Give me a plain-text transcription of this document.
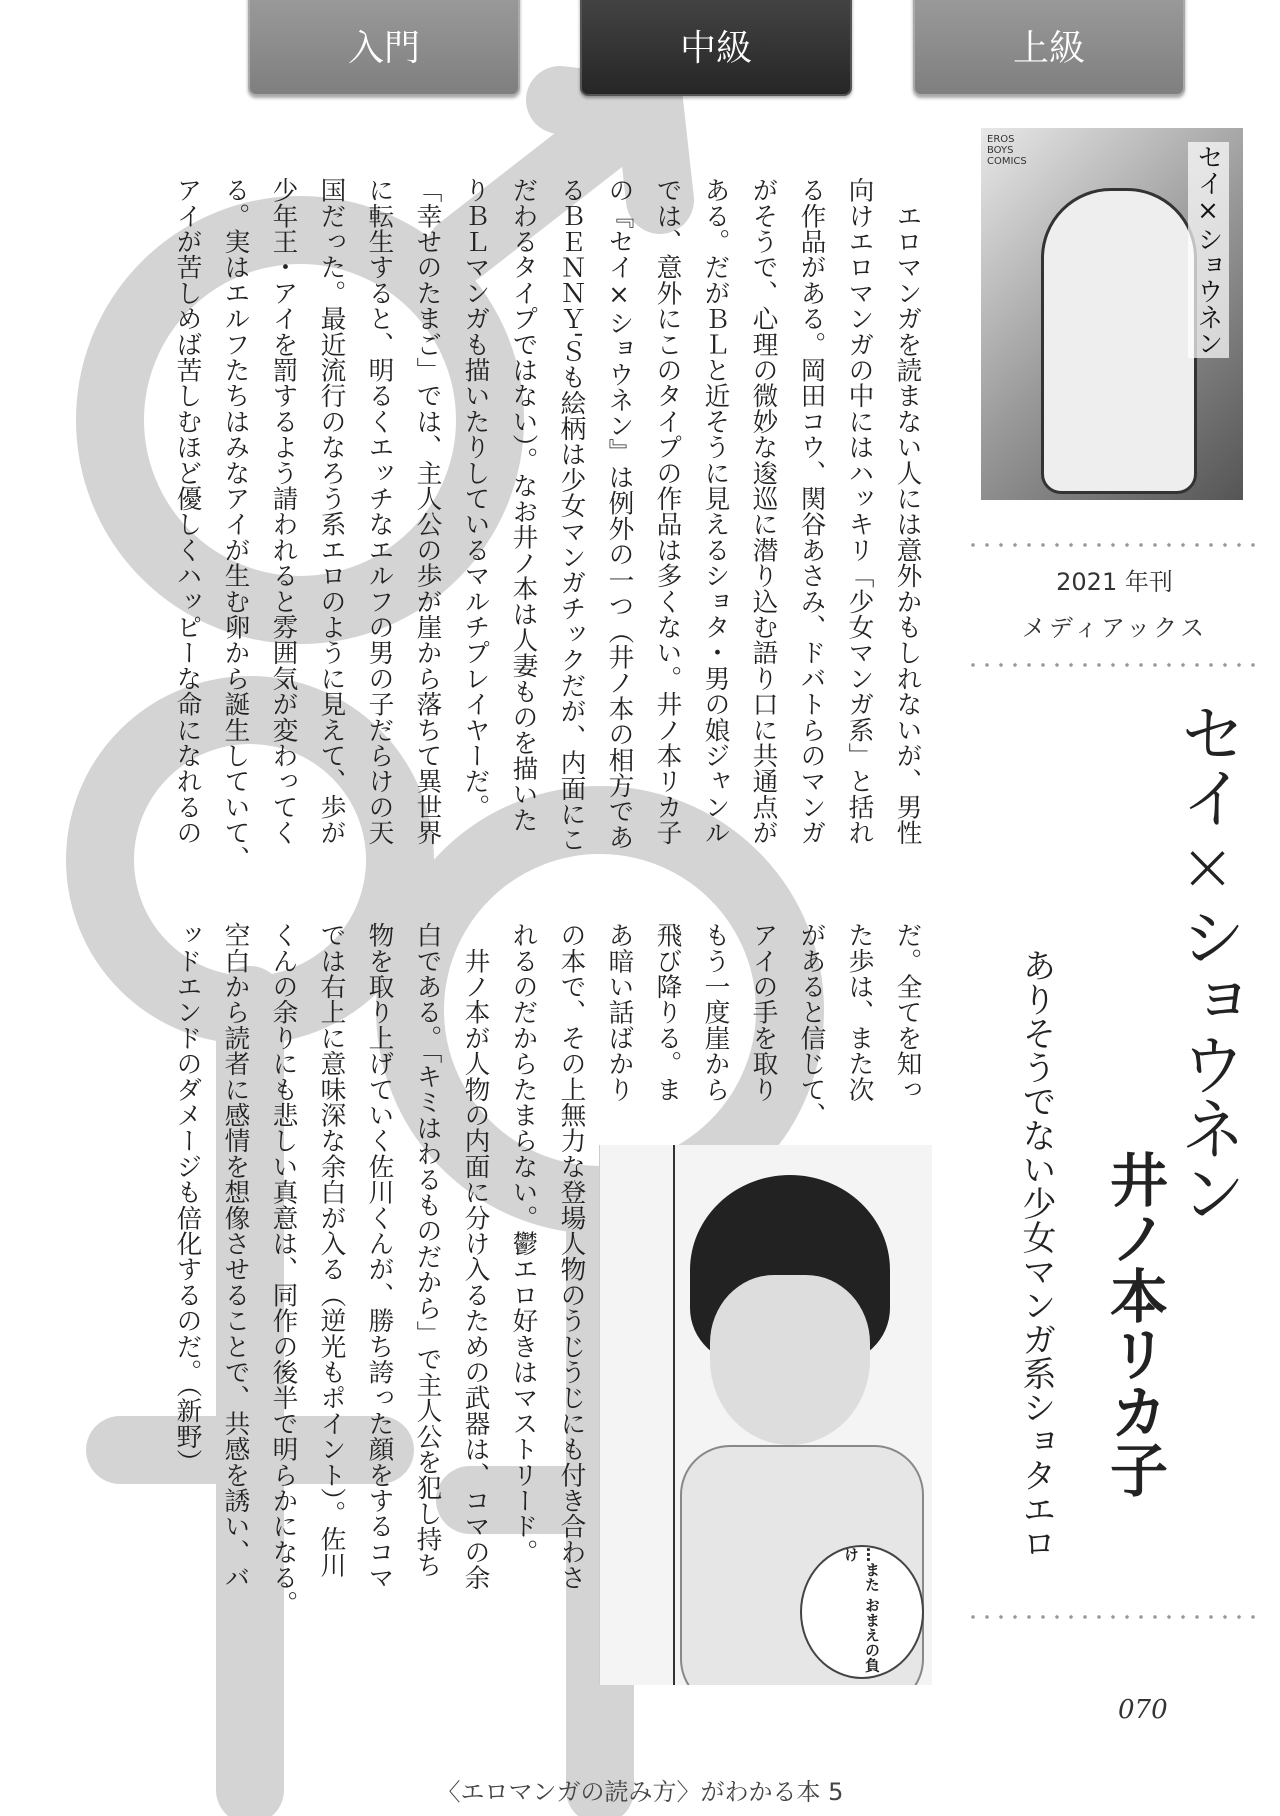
入門	中級	上級
　エロマンガを読まない人には意外かもしれないが、男性
向けエロマンガの中にはハッキリ「少女マンガ系」と括れ
る作品がある。岡田コウ、関谷あさみ、ドバトらのマンガ
がそうで、心理の微妙な逡巡に潜り込む語り口に共通点が
ある。だがＢＬと近そうに見えるショタ・男の娘ジャンル
では、意外にこのタイプの作品は多くない。井ノ本リカ子
の『セイ×ショウネン』は例外の一つ（井ノ本の相方であ
るＢＥＮＮＹ'Ｓも絵柄は少女マンガチックだが、内面にこ
だわるタイプではない）。なお井ノ本は人妻ものを描いた
りＢＬマンガも描いたりしているマルチプレイヤーだ。
「幸せのたまご」では、主人公の歩が崖から落ちて異世界
に転生すると、明るくエッチなエルフの男の子だらけの天
国だった。最近流行のなろう系エロのように見えて、歩が
少年王・アイを罰するよう請われると雰囲気が変わってく
る。実はエルフたちはみなアイが生む卵から誕生していて、
アイが苦しめば苦しむほど優しくハッピーな命になれるの
だ。全てを知っ
た歩は、また次
があると信じて、
アイの手を取り
もう一度崖から
飛び降りる。ま
あ暗い話ばかり
の本で、その上無力な登場人物のうじうじにも付き合わさ
れるのだからたまらない。鬱エロ好きはマストリード。
　井ノ本が人物の内面に分け入るための武器は、コマの余
白である。「キミはわるものだから」で主人公を犯し持ち
物を取り上げていく佐川くんが、勝ち誇った顔をするコマ
では右上に意味深な余白が入る（逆光もポイント）。佐川
くんの余りにも悲しい真意は、同作の後半で明らかになる。
空白から読者に感情を想像させることで、共感を誘い、バ
ッドエンドのダメージも倍化するのだ。（新野）
EROS
BOYS
COMICS	セイ×ショウネン
2021 年刊
メディアックス
セイ×ショウネン
井ノ本リカ子
ありそうでない少女マンガ系ショタエロ
…また おまえの負け
070
〈エロマンガの読み方〉がわかる本 5
